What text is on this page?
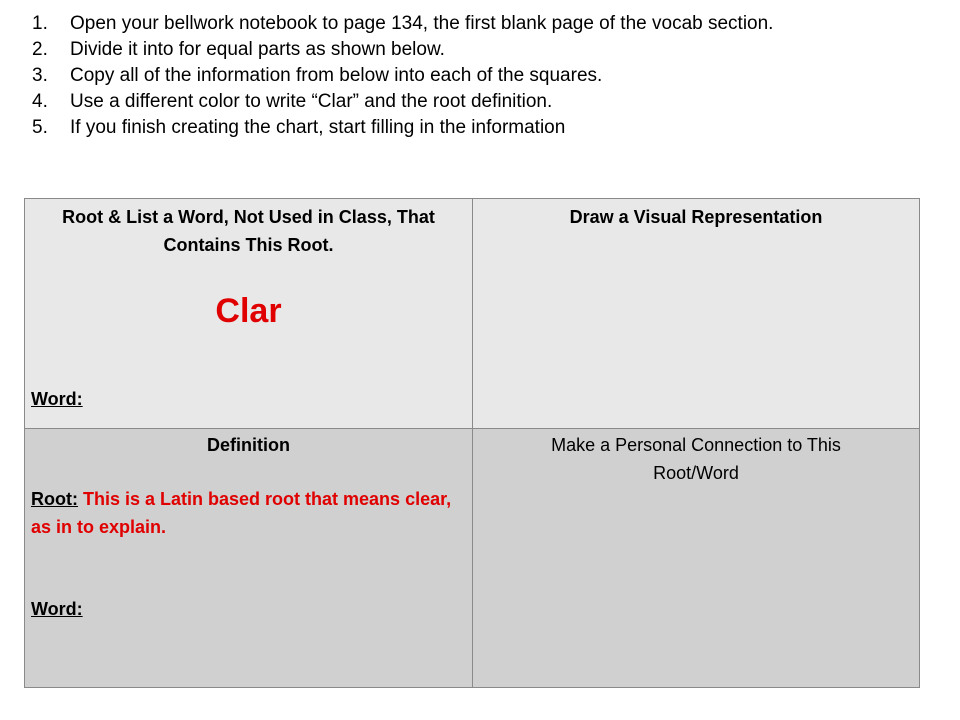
1. Open your bellwork notebook to page 134, the first blank page of the vocab section.
2. Divide it into for equal parts as shown below.
3. Copy all of the information from below into each of the squares.
4. Use a different color to write “Clar” and the root definition.
5. If you finish creating the chart, start filling in the information
Root & List a Word, Not Used in Class, That Contains This Root.
Clar
Word:
Draw a Visual Representation
Definition
Root: This is a Latin based root that means clear, as in to explain.
Word:
Make a Personal Connection to This Root/Word
